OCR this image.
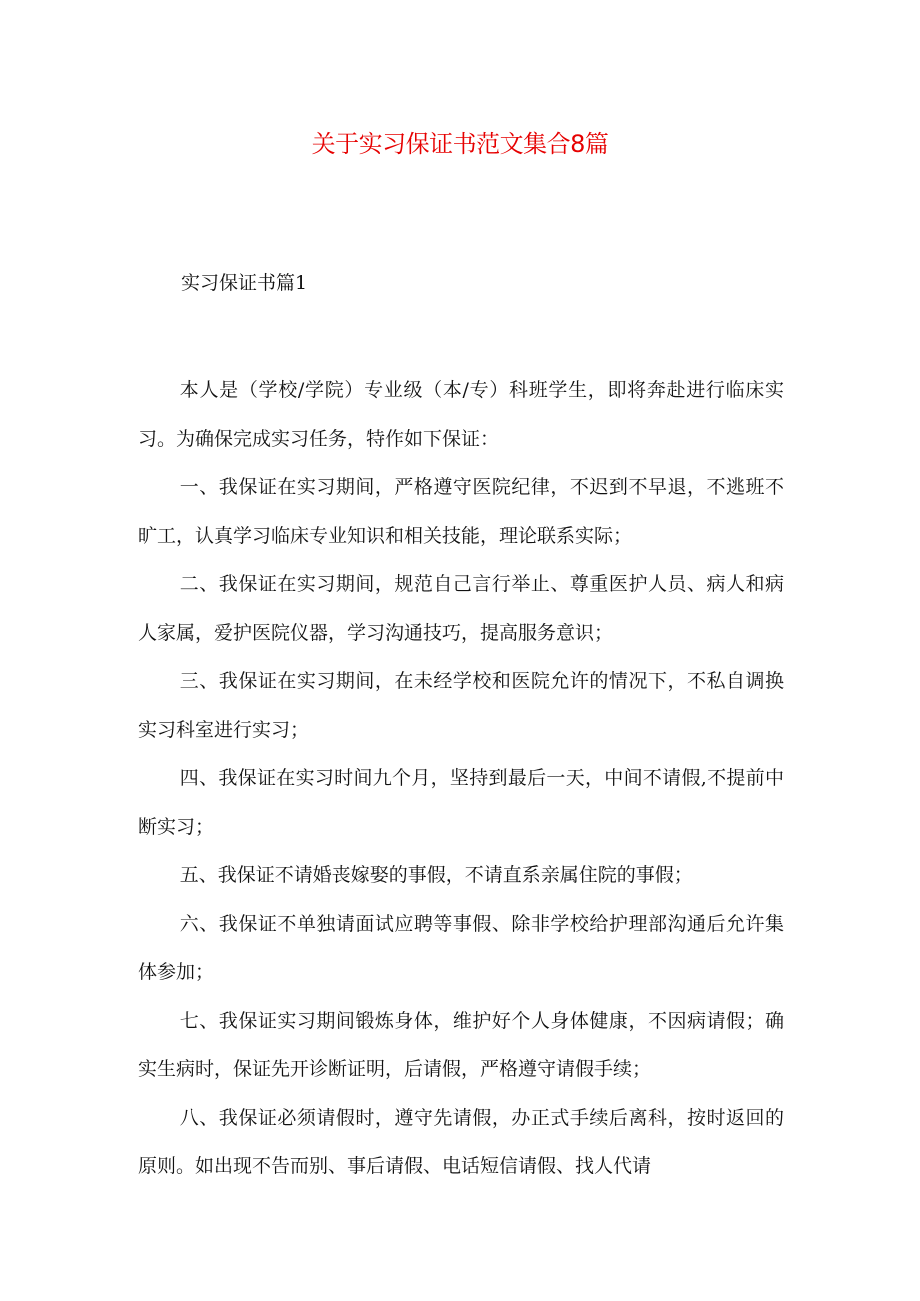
关于实习保证书范文集合8篇
实习保证书篇1

本人是（学校/学院）专业级（本/专）科班学生，即将奔赴进行临床实习。为确保完成实习任务，特作如下保证：

一、我保证在实习期间，严格遵守医院纪律，不迟到不早退，不逃班不旷工，认真学习临床专业知识和相关技能，理论联系实际；

二、我保证在实习期间，规范自己言行举止、尊重医护人员、病人和病人家属，爱护医院仪器，学习沟通技巧，提高服务意识；

三、我保证在实习期间，在未经学校和医院允许的情况下，不私自调换实习科室进行实习；

四、我保证在实习时间九个月，坚持到最后一天，中间不请假,不提前中断实习；

五、我保证不请婚丧嫁娶的事假，不请直系亲属住院的事假；

六、我保证不单独请面试应聘等事假、除非学校给护理部沟通后允许集体参加；

七、我保证实习期间锻炼身体，维护好个人身体健康，不因病请假；确实生病时，保证先开诊断证明，后请假，严格遵守请假手续；

八、我保证必须请假时，遵守先请假，办正式手续后离科，按时返回的原则。如出现不告而别、事后请假、电话短信请假、找人代请
